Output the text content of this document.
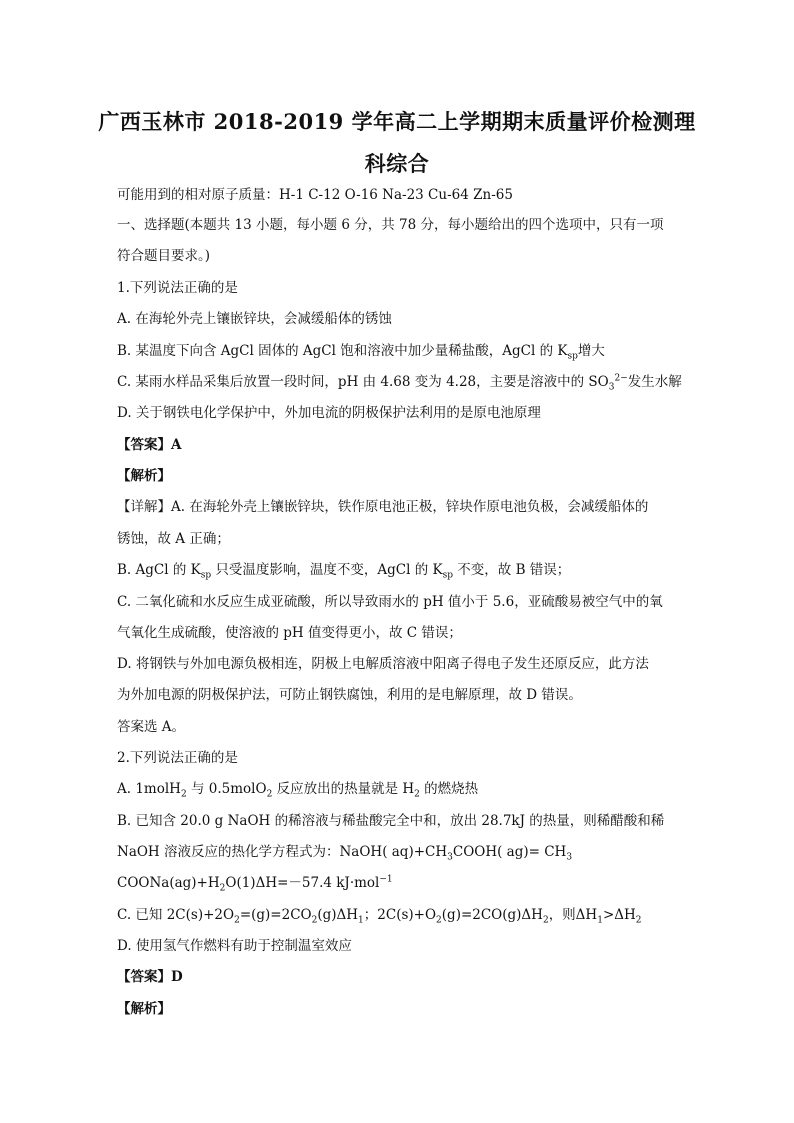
广西玉林市 2018-2019 学年高二上学期期末质量评价检测理
科综合
可能用到的相对原子质量：H-1 C-12 O-16 Na-23 Cu-64 Zn-65
一、选择题(本题共 13 小题，每小题 6 分，共 78 分，每小题给出的四个选项中，只有一项
符合题目要求。)
1.下列说法正确的是
A. 在海轮外壳上镶嵌锌块，会减缓船体的锈蚀
B. 某温度下向含 AgCl 固体的 AgCl 饱和溶液中加少量稀盐酸，AgCl 的 $K_{sp}$增大
C. 某雨水样品采集后放置一段时间，pH 由 4.68 变为 4.28，主要是溶液中的 $SO_3^{2-}$发生水解
D. 关于钢铁电化学保护中，外加电流的阴极保护法利用的是原电池原理
【答案】A
【解析】
【详解】A. 在海轮外壳上镶嵌锌块，铁作原电池正极，锌块作原电池负极，会减缓船体的
锈蚀，故 A 正确；
B. AgCl 的 $K_{sp}$ 只受温度影响，温度不变，AgCl 的 $K_{sp}$ 不变，故 B 错误；
C. 二氧化硫和水反应生成亚硫酸，所以导致雨水的 pH 值小于 5.6，亚硫酸易被空气中的氧
气氧化生成硫酸，使溶液的 pH 值变得更小，故 C 错误；
D. 将钢铁与外加电源负极相连，阴极上电解质溶液中阳离子得电子发生还原反应，此方法
为外加电源的阴极保护法，可防止钢铁腐蚀，利用的是电解原理，故 D 错误。
答案选 A。
2.下列说法正确的是
A. 1molH$_2$ 与 0.5molO$_2$ 反应放出的热量就是 $H_2$ 的燃烧热
B. 已知含 20.0 g NaOH 的稀溶液与稀盐酸完全中和，放出 28.7kJ 的热量，则稀醋酸和稀
NaOH 溶液反应的热化学方程式为：NaOH( $aq)+CH_3COOH$( $ag)= CH_3$
$COONa(ag)+H_2O(1)\Delta H=-57.4$ kJ·mol$^{-1}$
C. 已知 $2C(s)+2O_2=(g)=2CO_2(g)\Delta H_1$；$2C(s)+O_2(g)=2CO(g)\Delta H_2$，则$\Delta H_1>\Delta H_2$
D. 使用氢气作燃料有助于控制温室效应
【答案】D
【解析】
